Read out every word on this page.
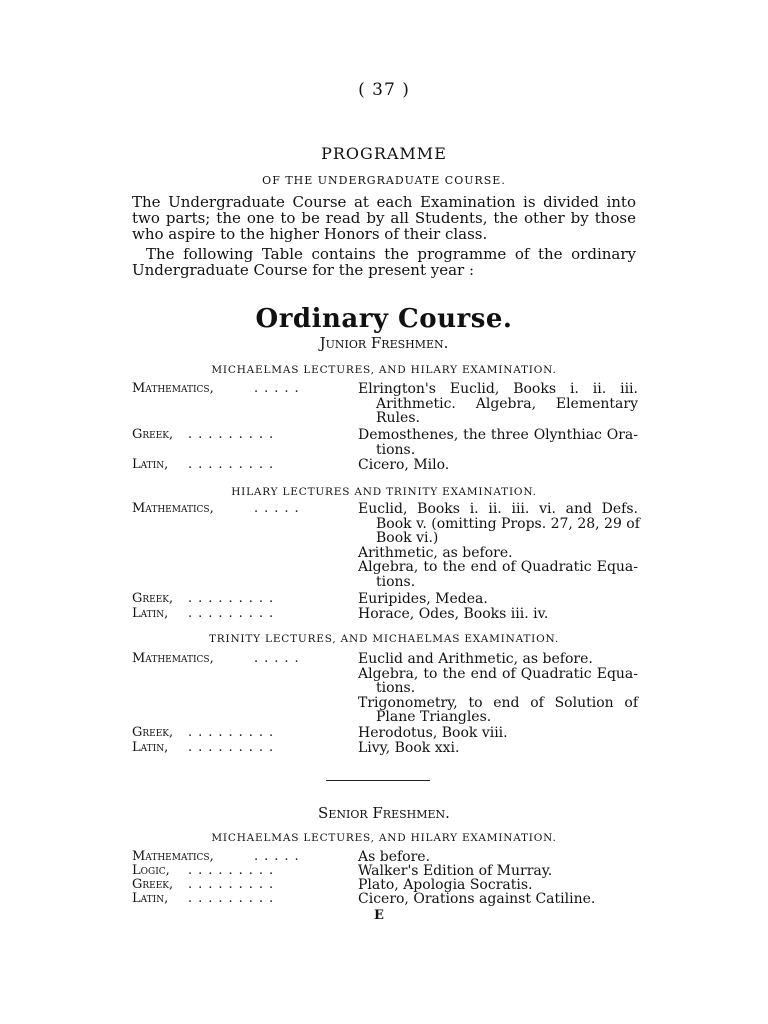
( 37 )
PROGRAMME
OF THE UNDERGRADUATE COURSE.
The Undergraduate Course at each Examination is divided into
two parts; the one to be read by all Students, the other by those
who aspire to the higher Honors of their class.
The following Table contains the programme of the ordinary
Undergraduate Course for the present year :
Ordinary Course.
Junior Freshmen.
MICHAELMAS LECTURES, AND HILARY EXAMINATION.
Mathematics,	.....	Elrington's Euclid, Books i. ii. iii.
Arithmetic. Algebra, Elementary
Rules.
Greek, .........	Demosthenes, the three Olynthiac Ora-
tions.
Latin, .........	Cicero, Milo.
HILARY LECTURES AND TRINITY EXAMINATION.
Mathematics,	.....	Euclid, Books i. ii. iii. vi. and Defs.
Book v. (omitting Props. 27, 28, 29 of
Book vi.)
Arithmetic, as before.
Algebra, to the end of Quadratic Equa-
tions.
Greek, .........	Euripides, Medea.
Latin, .........	Horace, Odes, Books iii. iv.
TRINITY LECTURES, AND MICHAELMAS EXAMINATION.
Mathematics,	.....	Euclid and Arithmetic, as before.
Algebra, to the end of Quadratic Equa-
tions.
Trigonometry, to end of Solution of
Plane Triangles.
Greek, .........	Herodotus, Book viii.
Latin, .........	Livy, Book xxi.
Senior Freshmen.
MICHAELMAS LECTURES, AND HILARY EXAMINATION.
Mathematics,	.....	As before.
Logic, .........	Walker's Edition of Murray.
Greek, .........	Plato, Apologia Socratis.
Latin, .........	Cicero, Orations against Catiline.
E
